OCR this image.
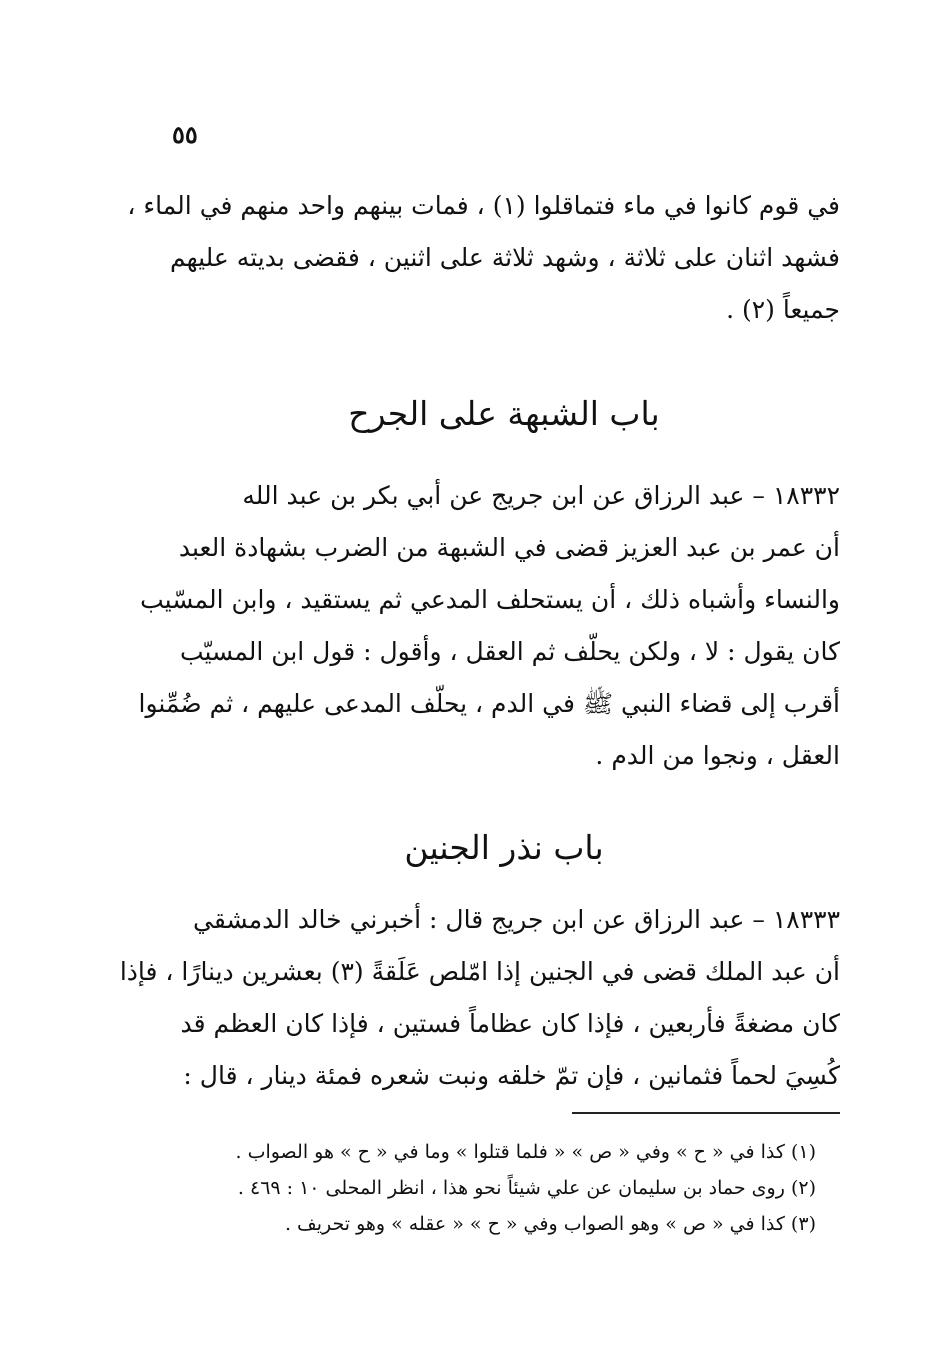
٥٥
في قوم كانوا في ماء فتماقلوا (١) ، فمات بينهم واحد منهم في الماء ،
فشهد اثنان على ثلاثة ، وشهد ثلاثة على اثنين ، فقضى بديته عليهم
جميعاً (٢) .
باب الشبهة على الجرح
١٨٣٣٢ – عبد الرزاق عن ابن جريج عن أبي بكر بن عبد الله
أن عمر بن عبد العزيز قضى في الشبهة من الضرب بشهادة العبد
والنساء وأشباه ذلك ، أن يستحلف المدعي ثم يستقيد ، وابن المسّيب
كان يقول : لا ، ولكن يحلّف ثم العقل ، وأقول : قول ابن المسيّب
أقرب إلى قضاء النبي ﷺ في الدم ، يحلّف المدعى عليهم ، ثم ضُمِّنوا
العقل ، ونجوا من الدم .
باب نذر الجنين
١٨٣٣٣ – عبد الرزاق عن ابن جريج قال : أخبرني خالد الدمشقي
أن عبد الملك قضى في الجنين إذا امّلص عَلَقةً (٣) بعشرين دينارًا ، فإذا
كان مضغةً فأربعين ، فإذا كان عظاماً فستين ، فإذا كان العظم قد
كُسِيَ لحماً فثمانين ، فإن تمّ خلقه ونبت شعره فمئة دينار ، قال :
(١) كذا في « ح » وفي « ص » « فلما قتلوا » وما في « ح » هو الصواب .
(٢) روى حماد بن سليمان عن علي شيئاً نحو هذا ، انظر المحلى ١٠ : ٤٦٩ .
(٣) كذا في « ص » وهو الصواب وفي « ح » « عقله » وهو تحريف .
